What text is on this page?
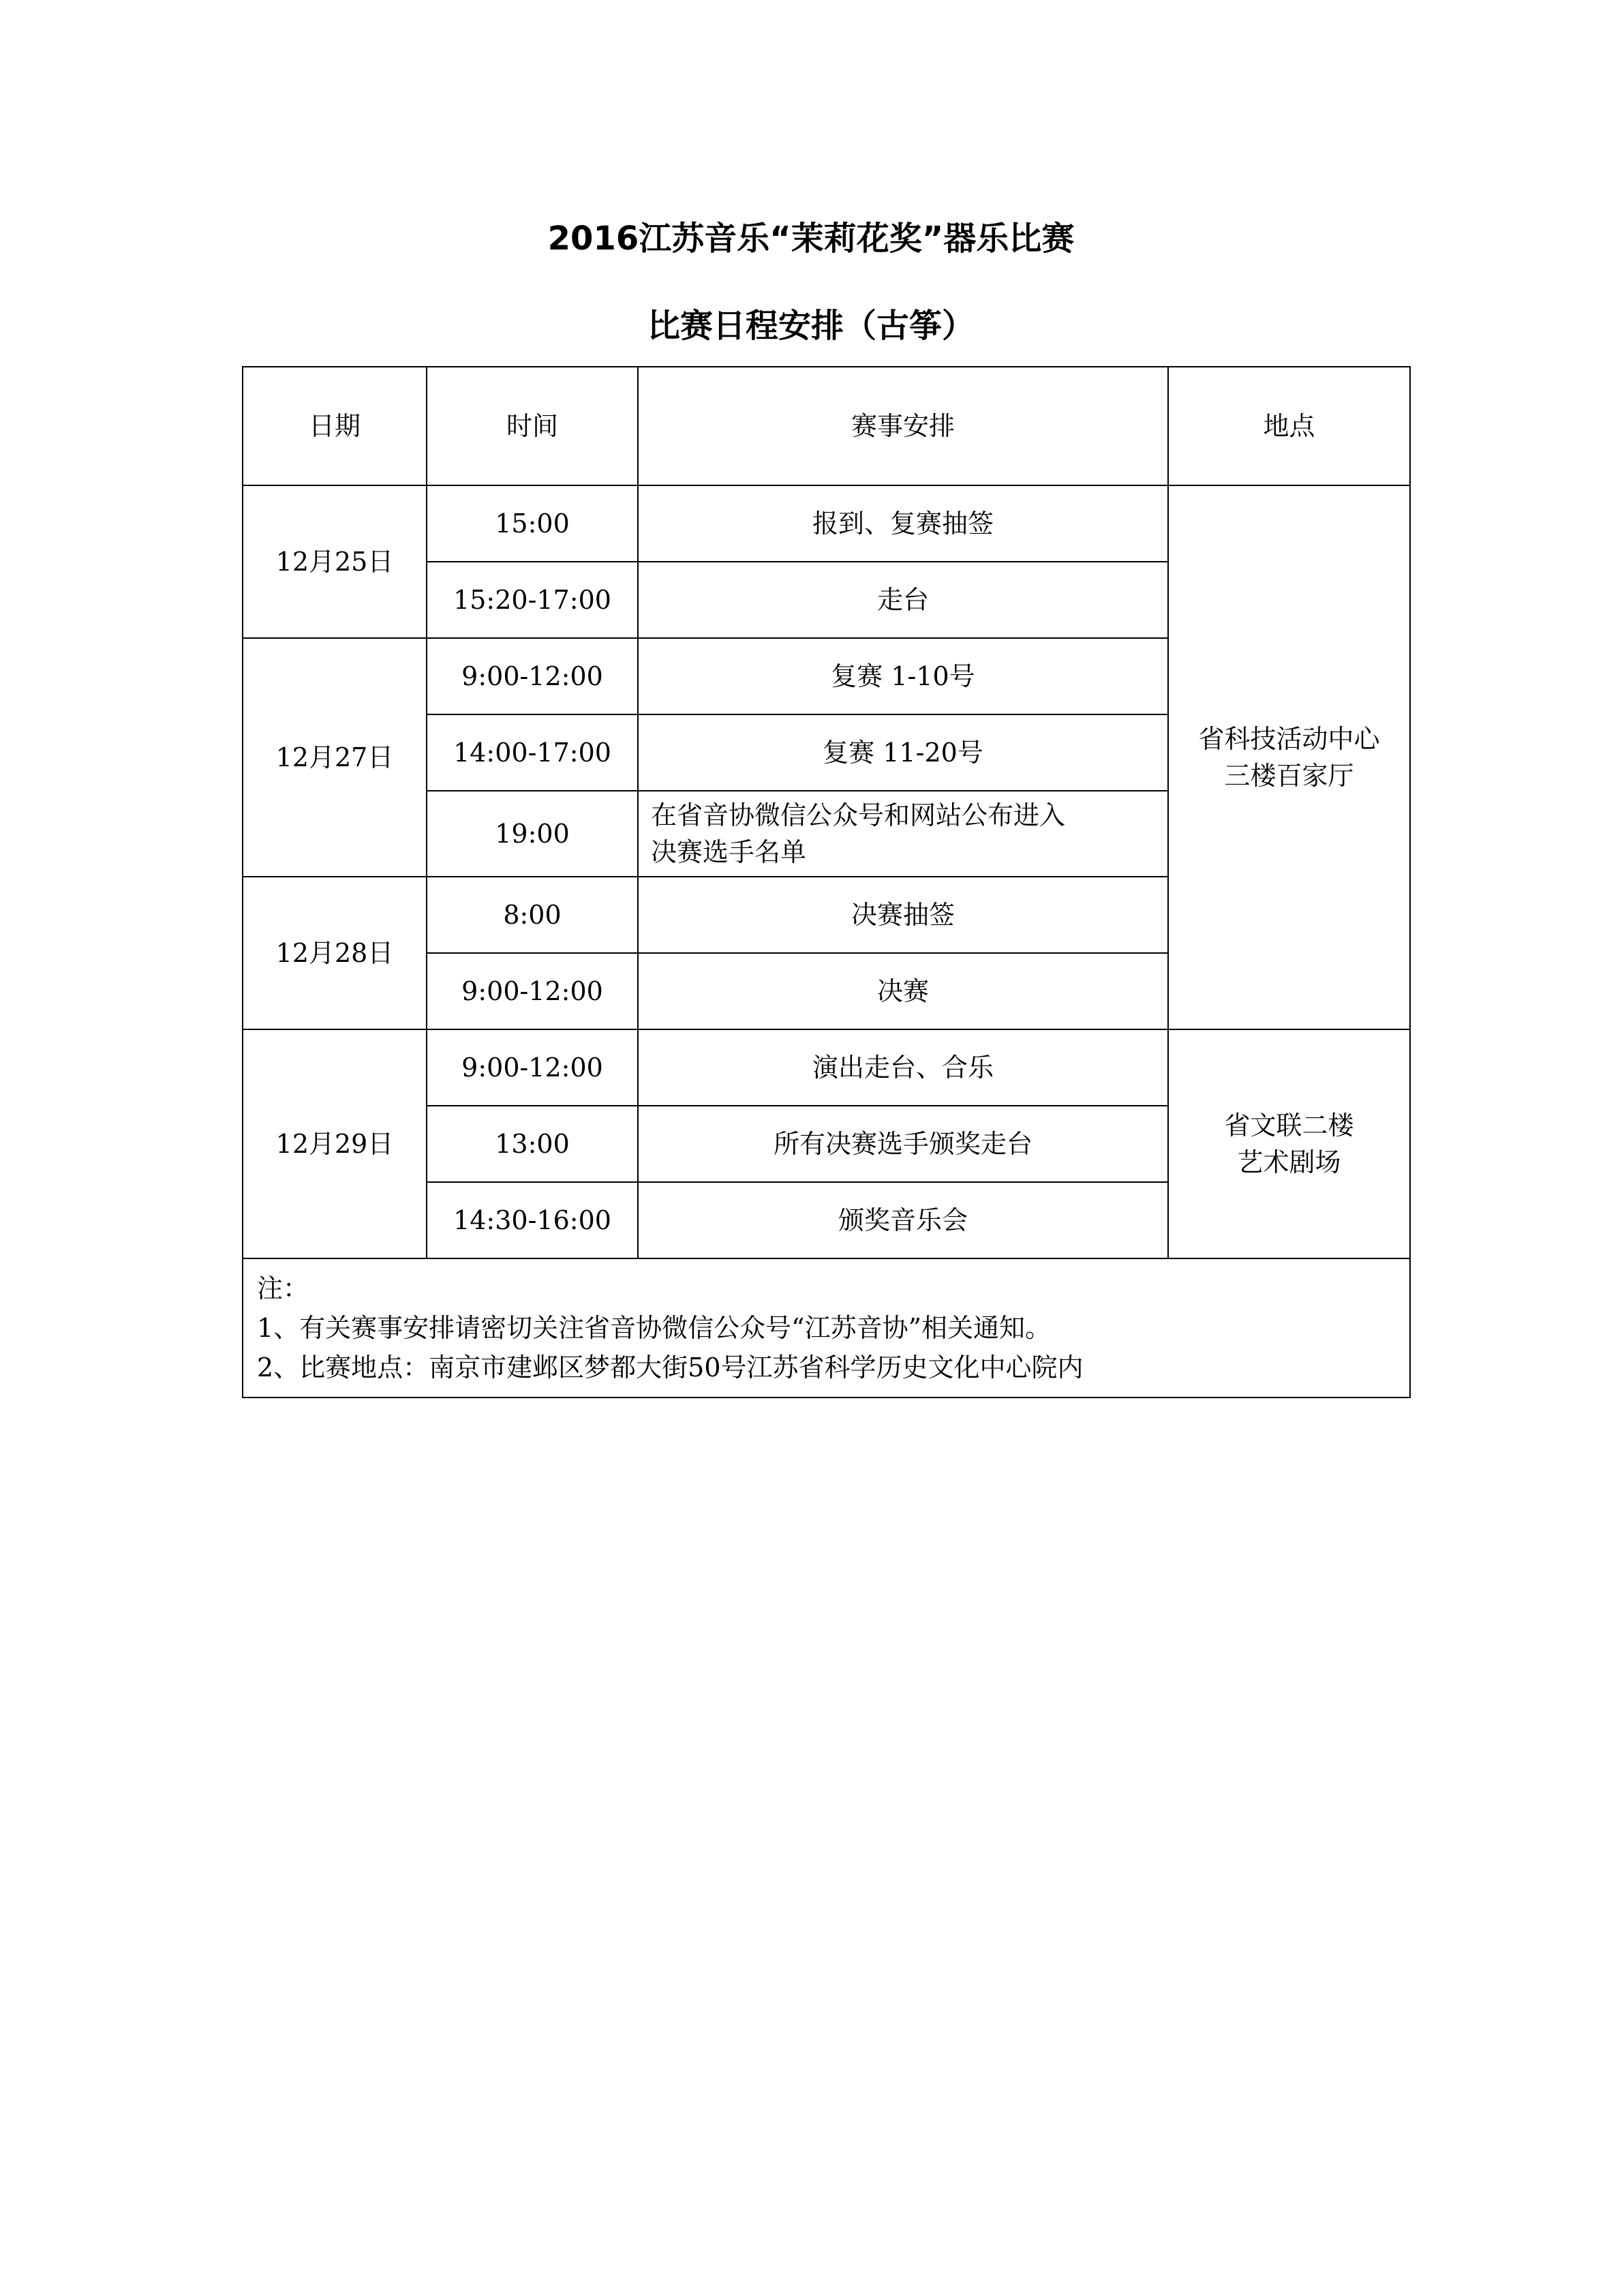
2016江苏音乐“茉莉花奖”器乐比赛
比赛日程安排（古筝）
日期	时间	赛事安排	地点
12月25日	15:00	报到、复赛抽签	省科技活动中心
三楼百家厅
	15:20-17:00	走台	
12月27日	9:00-12:00	复赛 1-10号	
	14:00-17:00	复赛 11-20号	
	19:00	在省音协微信公众号和网站公布进入
决赛选手名单	
12月28日	8:00	决赛抽签	
	9:00-12:00	决赛	
12月29日	9:00-12:00	演出走台、合乐	省文联二楼
艺术剧场
	13:00	所有决赛选手颁奖走台	
	14:30-16:00	颁奖音乐会	

注：
1、有关赛事安排请密切关注省音协微信公众号“江苏音协”相关通知。
2、比赛地点：南京市建邺区梦都大街50号江苏省科学历史文化中心院内			
